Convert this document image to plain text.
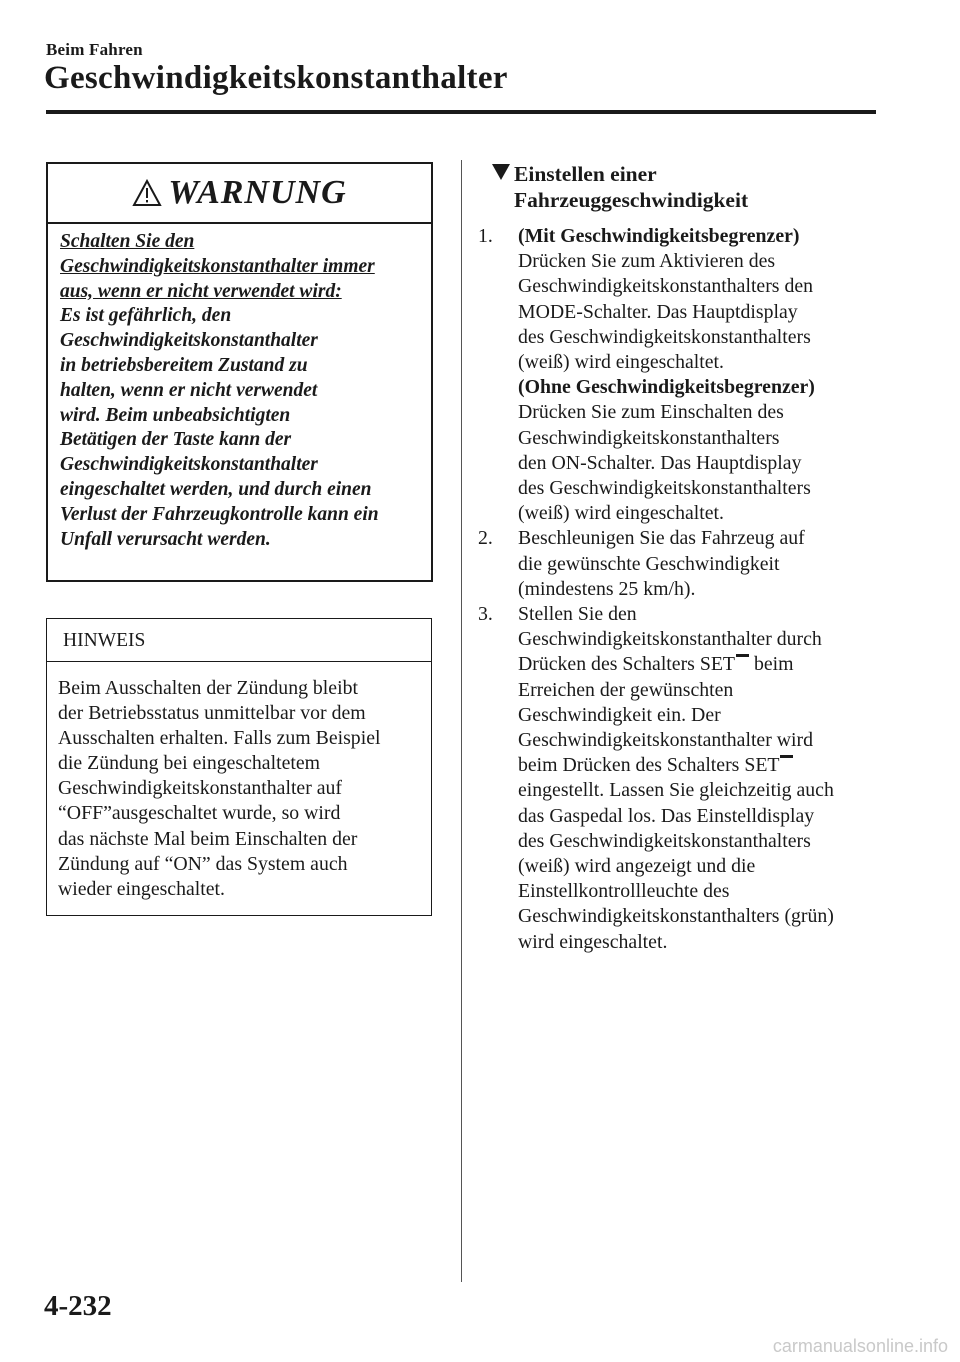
Beim Fahren
Geschwindigkeitskonstanthalter
WARNUNG
Schalten Sie den
Geschwindigkeitskonstanthalter immer
aus, wenn er nicht verwendet wird:
Es ist gefährlich, den
Geschwindigkeitskonstanthalter
in betriebsbereitem Zustand zu
halten, wenn er nicht verwendet
wird. Beim unbeabsichtigten
Betätigen der Taste kann der
Geschwindigkeitskonstanthalter
eingeschaltet werden, und durch einen
Verlust der Fahrzeugkontrolle kann ein
Unfall verursacht werden.
HINWEIS
Beim Ausschalten der Zündung bleibt
der Betriebsstatus unmittelbar vor dem
Ausschalten erhalten. Falls zum Beispiel
die Zündung bei eingeschaltetem
Geschwindigkeitskonstanthalter auf
“OFF”ausgeschaltet wurde, so wird
das nächste Mal beim Einschalten der
Zündung auf “ON” das System auch
wieder eingeschaltet.
Einstellen einer
Fahrzeuggeschwindigkeit
1. (Mit Geschwindigkeitsbegrenzer)
Drücken Sie zum Aktivieren des
Geschwindigkeitskonstanthalters den
MODE-Schalter. Das Hauptdisplay
des Geschwindigkeitskonstanthalters
(weiß) wird eingeschaltet.
(Ohne Geschwindigkeitsbegrenzer)
Drücken Sie zum Einschalten des
Geschwindigkeitskonstanthalters
den ON-Schalter. Das Hauptdisplay
des Geschwindigkeitskonstanthalters
(weiß) wird eingeschaltet.
2. Beschleunigen Sie das Fahrzeug auf
die gewünschte Geschwindigkeit
(mindestens 25 km/h).
3. Stellen Sie den
Geschwindigkeitskonstanthalter durch
Drücken des Schalters SET beim
Erreichen der gewünschten
Geschwindigkeit ein. Der
Geschwindigkeitskonstanthalter wird
beim Drücken des Schalters SET
eingestellt. Lassen Sie gleichzeitig auch
das Gaspedal los. Das Einstelldisplay
des Geschwindigkeitskonstanthalters
(weiß) wird angezeigt und die
Einstellkontrollleuchte des
Geschwindigkeitskonstanthalters (grün)
wird eingeschaltet.
4-232
carmanualsonline.info
